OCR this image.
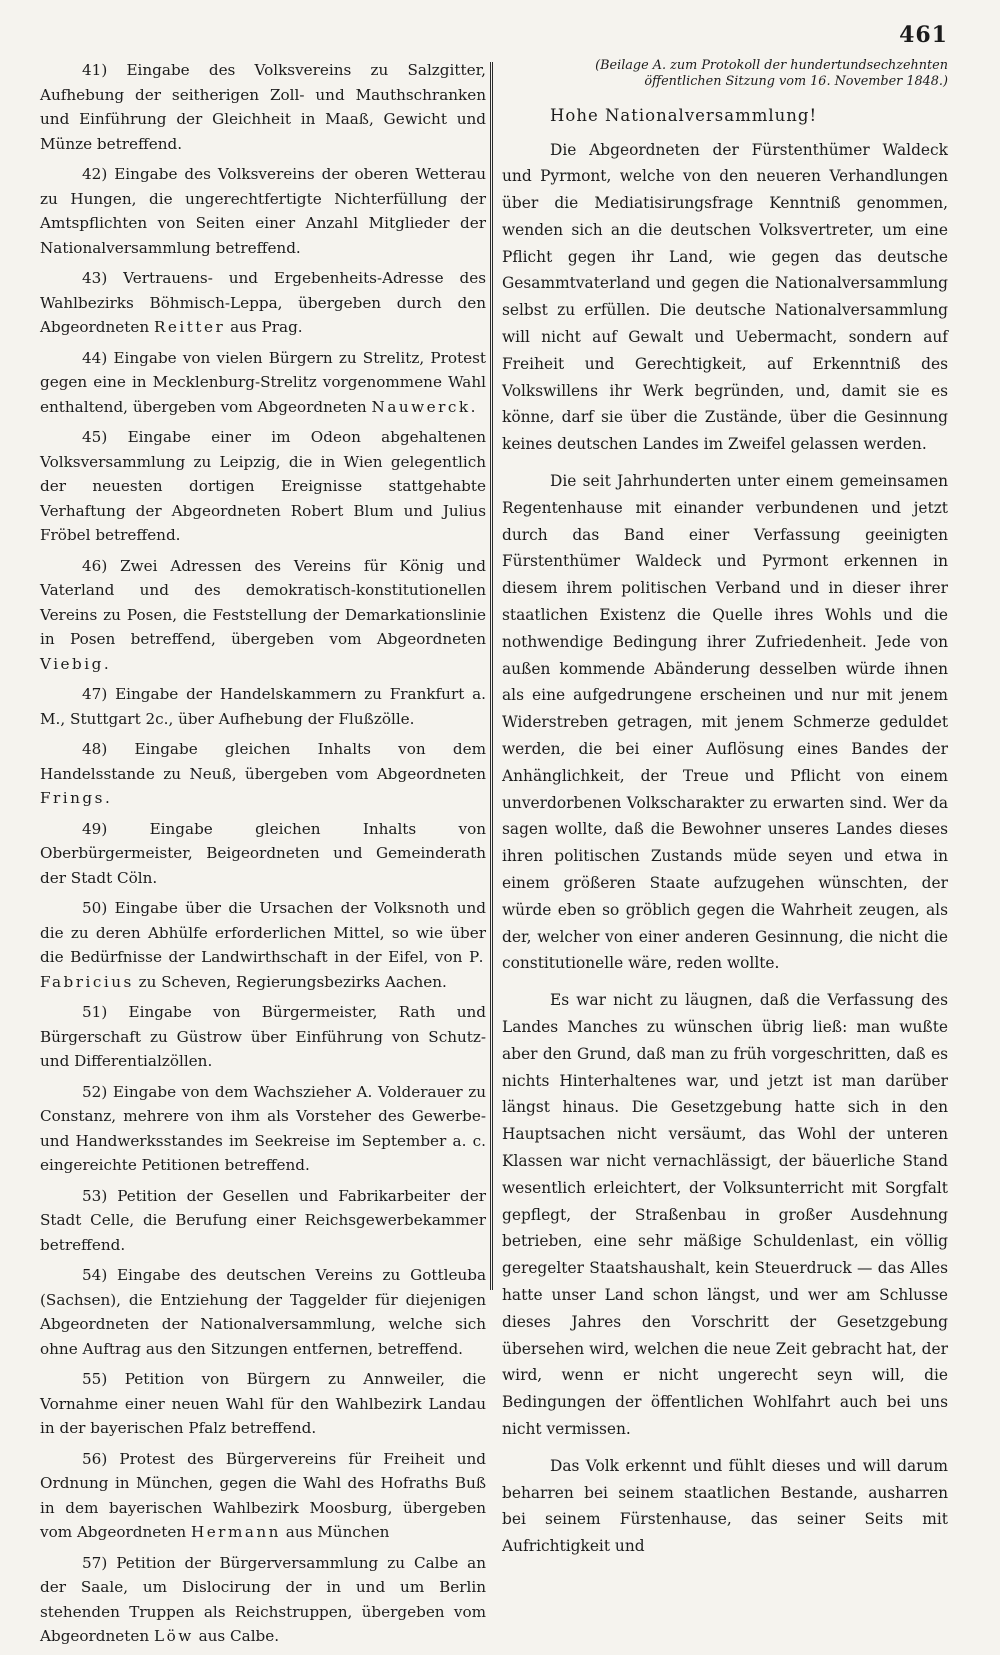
461

41) Eingabe des Volksvereins zu Salzgitter, Aufhebung der seitherigen Zoll- und Mauthschranken und Einführung der Gleichheit in Maaß, Gewicht und Münze betreffend.

42) Eingabe des Volksvereins der oberen Wetterau zu Hungen, die ungerechtfertigte Nichterfüllung der Amtspflichten von Seiten einer Anzahl Mitglieder der Nationalversammlung betreffend.

43) Vertrauens- und Ergebenheits-Adresse des Wahlbezirks Böhmisch-Leppa, übergeben durch den Abgeordneten Reitter aus Prag.

44) Eingabe von vielen Bürgern zu Strelitz, Protest gegen eine in Mecklenburg-Strelitz vorgenommene Wahl enthaltend, übergeben vom Abgeordneten Nauwerck.

45) Eingabe einer im Odeon abgehaltenen Volksversammlung zu Leipzig, die in Wien gelegentlich der neuesten dortigen Ereignisse stattgehabte Verhaftung der Abgeordneten Robert Blum und Julius Fröbel betreffend.

46) Zwei Adressen des Vereins für König und Vaterland und des demokratisch-konstitutionellen Vereins zu Posen, die Feststellung der Demarkationslinie in Posen betreffend, übergeben vom Abgeordneten Viebig.

47) Eingabe der Handelskammern zu Frankfurt a. M., Stuttgart 2c., über Aufhebung der Flußzölle.

48) Eingabe gleichen Inhalts von dem Handelsstande zu Neuß, übergeben vom Abgeordneten Frings.

49)	Eingabe gleichen Inhalts von Oberbürgermeister, Beigeordneten und Gemeinderath der Stadt Cöln.

50) Eingabe über die Ursachen der Volksnoth und die zu deren Abhülfe erforderlichen Mittel, so wie über die Bedürfnisse der Landwirthschaft in der Eifel, von P. Fabricius zu Scheven, Regierungsbezirks Aachen.

51) Eingabe von Bürgermeister, Rath und Bürgerschaft zu Güstrow über Einführung von Schutz- und Differentialzöllen.

52) Eingabe von dem Wachszieher A. Volderauer zu Constanz, mehrere von ihm als Vorsteher des Gewerbe- und Handwerksstandes im Seekreise im September a. c. eingereichte Petitionen betreffend.

53) Petition der Gesellen und Fabrikarbeiter der Stadt Celle, die Berufung einer Reichsgewerbekammer betreffend.

54) Eingabe des deutschen Vereins zu Gottleuba (Sachsen), die Entziehung der Taggelder für diejenigen Abgeordneten der Nationalversammlung, welche sich ohne Auftrag aus den Sitzungen entfernen, betreffend.

55) Petition von Bürgern zu Annweiler, die Vornahme einer neuen Wahl für den Wahlbezirk Landau in der bayerischen Pfalz betreffend.

56) Protest des Bürgervereins für Freiheit und Ordnung in München, gegen die Wahl des Hofraths Buß in dem bayerischen Wahlbezirk Moosburg, übergeben vom Abgeordneten Hermann aus München

57) Petition der Bürgerversammlung zu Calbe an der Saale, um Dislocirung der in und um Berlin stehenden Truppen als Reichstruppen, übergeben vom Abgeordneten Löw aus Calbe.

(Beilage A. zum Protokoll der hundertundsechzehnten
öffentlichen Sitzung vom 16. November 1848.)
Hohe Nationalversammlung!

Die Abgeordneten der Fürstenthümer Waldeck und Pyrmont, welche von den neueren Verhandlungen über die Mediatisirungsfrage Kenntniß genommen, wenden sich an die deutschen Volksvertreter, um eine Pflicht gegen ihr Land, wie gegen das deutsche Gesammtvaterland und gegen die Nationalversammlung selbst zu erfüllen. Die deutsche Nationalversammlung will nicht auf Gewalt und Uebermacht, sondern auf Freiheit und Gerechtigkeit, auf Erkenntniß des Volkswillens ihr Werk begründen, und, damit sie es könne, darf sie über die Zustände, über die Gesinnung keines deutschen Landes im Zweifel gelassen werden.

Die seit Jahrhunderten unter einem gemeinsamen Regentenhause mit einander verbundenen und jetzt durch das Band einer Verfassung geeinigten Fürstenthümer Waldeck und Pyrmont erkennen in diesem ihrem politischen Verband und in dieser ihrer staatlichen Existenz die Quelle ihres Wohls und die nothwendige Bedingung ihrer Zufriedenheit. Jede von außen kommende Abänderung desselben würde ihnen als eine aufgedrungene erscheinen und nur mit jenem Widerstreben getragen, mit jenem Schmerze geduldet werden, die bei einer Auflösung eines Bandes der Anhänglichkeit, der Treue und Pflicht von einem unverdorbenen Volkscharakter zu erwarten sind. Wer da sagen wollte, daß die Bewohner unseres Landes dieses ihren politischen Zustands müde seyen und etwa in einem größeren Staate aufzugehen wünschten, der würde eben so gröblich gegen die Wahrheit zeugen, als der, welcher von einer anderen Gesinnung, die nicht die constitutionelle wäre, reden wollte.

Es war nicht zu läugnen, daß die Verfassung des Landes Manches zu wünschen übrig ließ: man wußte aber den Grund, daß man zu früh vorgeschritten, daß es nichts Hinterhaltenes war, und jetzt ist man darüber längst hinaus. Die Gesetzgebung hatte sich in den Hauptsachen nicht versäumt, das Wohl der unteren Klassen war nicht vernachlässigt, der bäuerliche Stand wesentlich erleichtert, der Volksunterricht mit Sorgfalt gepflegt, der Straßenbau in großer Ausdehnung betrieben, eine sehr mäßige Schuldenlast, ein völlig geregelter Staatshaushalt, kein Steuerdruck — das Alles hatte unser Land schon längst, und wer am Schlusse dieses Jahres den Vorschritt der Gesetzgebung übersehen wird, welchen die neue Zeit gebracht hat, der wird, wenn er nicht ungerecht seyn will, die Bedingungen der öffentlichen Wohlfahrt auch bei uns nicht vermissen.

Das Volk erkennt und fühlt dieses und will darum beharren bei seinem staatlichen Bestande, ausharren bei seinem Fürstenhause, das seiner Seits mit Aufrichtigkeit und
